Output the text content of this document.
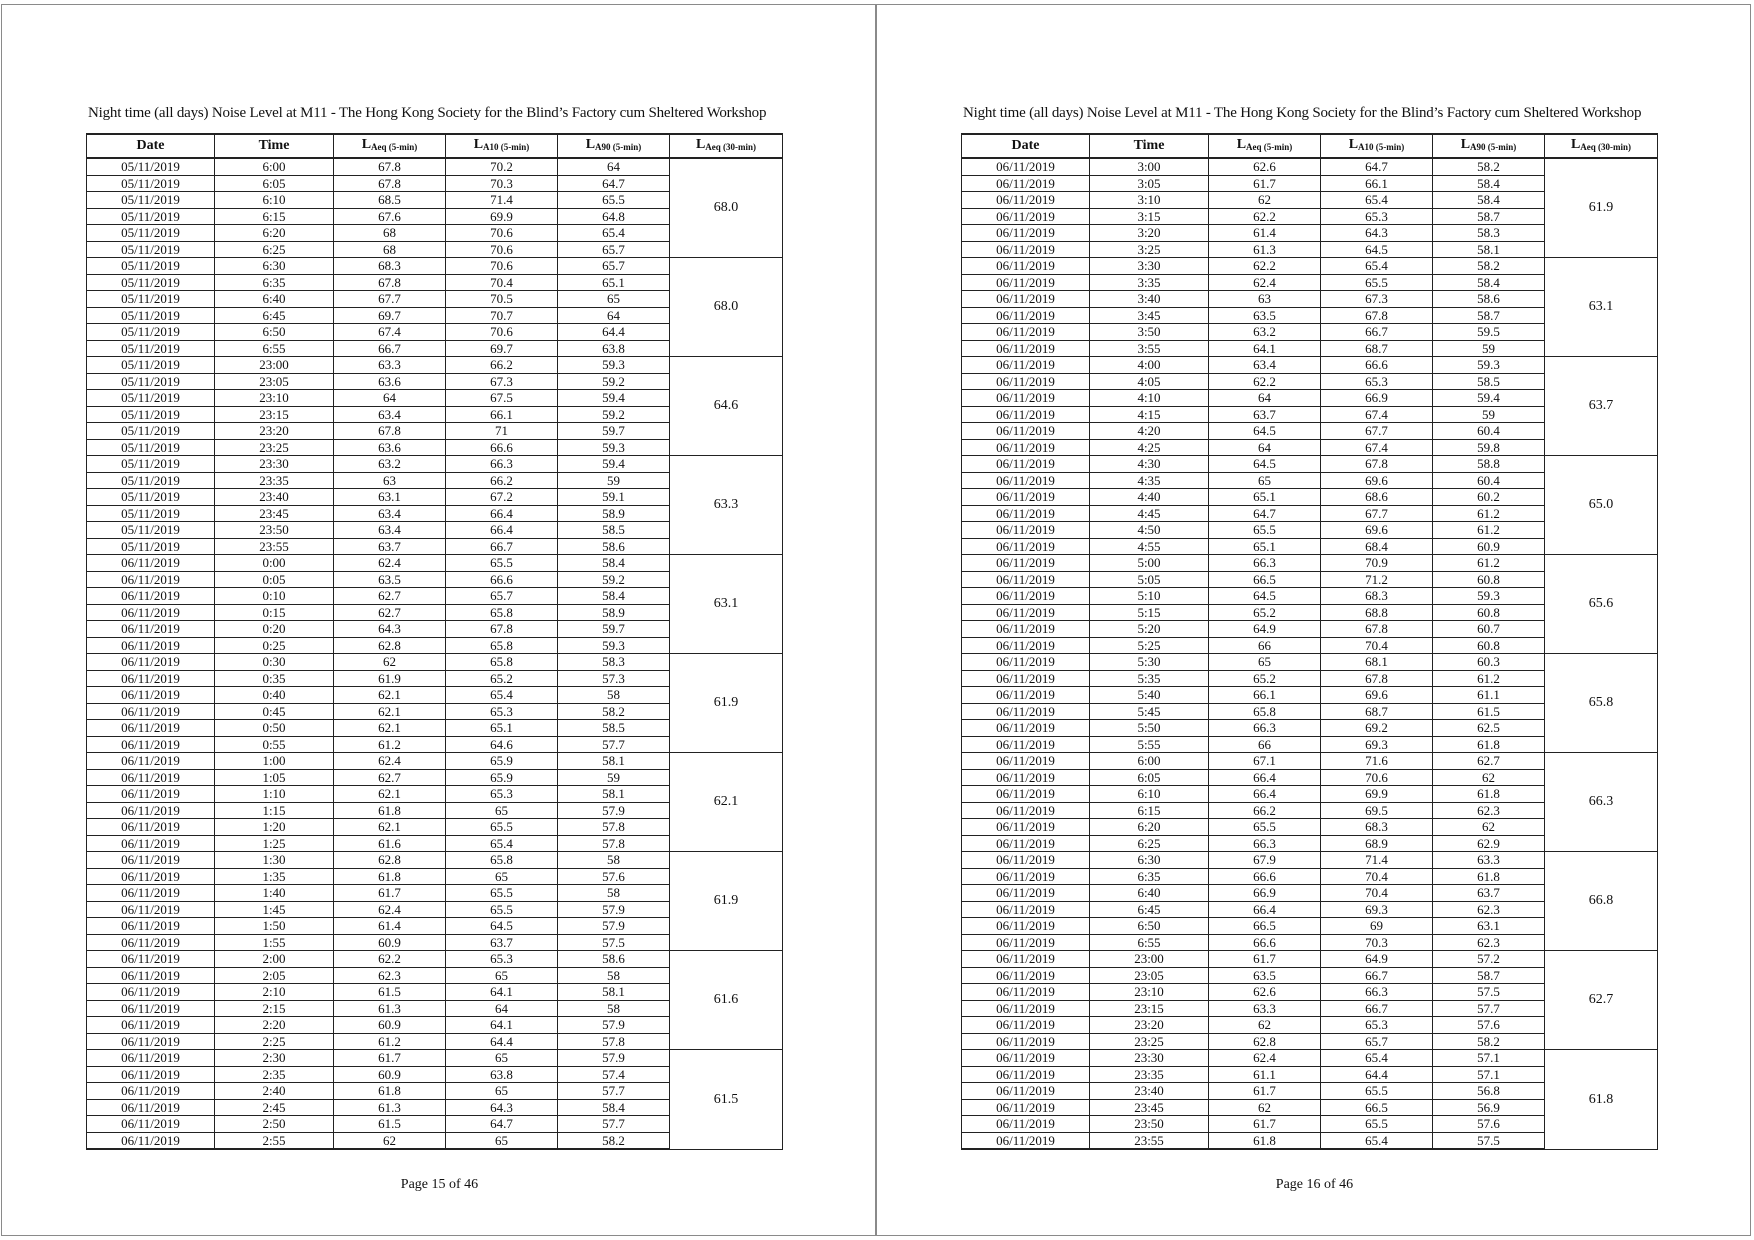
Night time (all days) Noise Level at M11 - The Hong Kong Society for the Blind’s Factory cum Sheltered Workshop
Date	Time	$L_{Aeq (5-min)}$	$L_{A10 (5-min)}$	$L_{A90 (5-min)}$	$L_{Aeq (30-min)}$
05/11/2019	6:00	67.8	70.2	64	68.0
05/11/2019	6:05	67.8	70.3	64.7	
05/11/2019	6:10	68.5	71.4	65.5	
05/11/2019	6:15	67.6	69.9	64.8	
05/11/2019	6:20	68	70.6	65.4	
05/11/2019	6:25	68	70.6	65.7	
05/11/2019	6:30	68.3	70.6	65.7	68.0
05/11/2019	6:35	67.8	70.4	65.1	
05/11/2019	6:40	67.7	70.5	65	
05/11/2019	6:45	69.7	70.7	64	
05/11/2019	6:50	67.4	70.6	64.4	
05/11/2019	6:55	66.7	69.7	63.8	
05/11/2019	23:00	63.3	66.2	59.3	64.6
05/11/2019	23:05	63.6	67.3	59.2	
05/11/2019	23:10	64	67.5	59.4	
05/11/2019	23:15	63.4	66.1	59.2	
05/11/2019	23:20	67.8	71	59.7	
05/11/2019	23:25	63.6	66.6	59.3	
05/11/2019	23:30	63.2	66.3	59.4	63.3
05/11/2019	23:35	63	66.2	59	
05/11/2019	23:40	63.1	67.2	59.1	
05/11/2019	23:45	63.4	66.4	58.9	
05/11/2019	23:50	63.4	66.4	58.5	
05/11/2019	23:55	63.7	66.7	58.6	
06/11/2019	0:00	62.4	65.5	58.4	63.1
06/11/2019	0:05	63.5	66.6	59.2	
06/11/2019	0:10	62.7	65.7	58.4	
06/11/2019	0:15	62.7	65.8	58.9	
06/11/2019	0:20	64.3	67.8	59.7	
06/11/2019	0:25	62.8	65.8	59.3	
06/11/2019	0:30	62	65.8	58.3	61.9
06/11/2019	0:35	61.9	65.2	57.3	
06/11/2019	0:40	62.1	65.4	58	
06/11/2019	0:45	62.1	65.3	58.2	
06/11/2019	0:50	62.1	65.1	58.5	
06/11/2019	0:55	61.2	64.6	57.7	
06/11/2019	1:00	62.4	65.9	58.1	62.1
06/11/2019	1:05	62.7	65.9	59	
06/11/2019	1:10	62.1	65.3	58.1	
06/11/2019	1:15	61.8	65	57.9	
06/11/2019	1:20	62.1	65.5	57.8	
06/11/2019	1:25	61.6	65.4	57.8	
06/11/2019	1:30	62.8	65.8	58	61.9
06/11/2019	1:35	61.8	65	57.6	
06/11/2019	1:40	61.7	65.5	58	
06/11/2019	1:45	62.4	65.5	57.9	
06/11/2019	1:50	61.4	64.5	57.9	
06/11/2019	1:55	60.9	63.7	57.5	
06/11/2019	2:00	62.2	65.3	58.6	61.6
06/11/2019	2:05	62.3	65	58	
06/11/2019	2:10	61.5	64.1	58.1	
06/11/2019	2:15	61.3	64	58	
06/11/2019	2:20	60.9	64.1	57.9	
06/11/2019	2:25	61.2	64.4	57.8	
06/11/2019	2:30	61.7	65	57.9	61.5
06/11/2019	2:35	60.9	63.8	57.4	
06/11/2019	2:40	61.8	65	57.7	
06/11/2019	2:45	61.3	64.3	58.4	
06/11/2019	2:50	61.5	64.7	57.7	
06/11/2019	2:55	62	65	58.2	
Page 15 of 46
Night time (all days) Noise Level at M11 - The Hong Kong Society for the Blind’s Factory cum Sheltered Workshop
Date	Time	$L_{Aeq (5-min)}$	$L_{A10 (5-min)}$	$L_{A90 (5-min)}$	$L_{Aeq (30-min)}$
06/11/2019	3:00	62.6	64.7	58.2	61.9
06/11/2019	3:05	61.7	66.1	58.4	
06/11/2019	3:10	62	65.4	58.4	
06/11/2019	3:15	62.2	65.3	58.7	
06/11/2019	3:20	61.4	64.3	58.3	
06/11/2019	3:25	61.3	64.5	58.1	
06/11/2019	3:30	62.2	65.4	58.2	63.1
06/11/2019	3:35	62.4	65.5	58.4	
06/11/2019	3:40	63	67.3	58.6	
06/11/2019	3:45	63.5	67.8	58.7	
06/11/2019	3:50	63.2	66.7	59.5	
06/11/2019	3:55	64.1	68.7	59	
06/11/2019	4:00	63.4	66.6	59.3	63.7
06/11/2019	4:05	62.2	65.3	58.5	
06/11/2019	4:10	64	66.9	59.4	
06/11/2019	4:15	63.7	67.4	59	
06/11/2019	4:20	64.5	67.7	60.4	
06/11/2019	4:25	64	67.4	59.8	
06/11/2019	4:30	64.5	67.8	58.8	65.0
06/11/2019	4:35	65	69.6	60.4	
06/11/2019	4:40	65.1	68.6	60.2	
06/11/2019	4:45	64.7	67.7	61.2	
06/11/2019	4:50	65.5	69.6	61.2	
06/11/2019	4:55	65.1	68.4	60.9	
06/11/2019	5:00	66.3	70.9	61.2	65.6
06/11/2019	5:05	66.5	71.2	60.8	
06/11/2019	5:10	64.5	68.3	59.3	
06/11/2019	5:15	65.2	68.8	60.8	
06/11/2019	5:20	64.9	67.8	60.7	
06/11/2019	5:25	66	70.4	60.8	
06/11/2019	5:30	65	68.1	60.3	65.8
06/11/2019	5:35	65.2	67.8	61.2	
06/11/2019	5:40	66.1	69.6	61.1	
06/11/2019	5:45	65.8	68.7	61.5	
06/11/2019	5:50	66.3	69.2	62.5	
06/11/2019	5:55	66	69.3	61.8	
06/11/2019	6:00	67.1	71.6	62.7	66.3
06/11/2019	6:05	66.4	70.6	62	
06/11/2019	6:10	66.4	69.9	61.8	
06/11/2019	6:15	66.2	69.5	62.3	
06/11/2019	6:20	65.5	68.3	62	
06/11/2019	6:25	66.3	68.9	62.9	
06/11/2019	6:30	67.9	71.4	63.3	66.8
06/11/2019	6:35	66.6	70.4	61.8	
06/11/2019	6:40	66.9	70.4	63.7	
06/11/2019	6:45	66.4	69.3	62.3	
06/11/2019	6:50	66.5	69	63.1	
06/11/2019	6:55	66.6	70.3	62.3	
06/11/2019	23:00	61.7	64.9	57.2	62.7
06/11/2019	23:05	63.5	66.7	58.7	
06/11/2019	23:10	62.6	66.3	57.5	
06/11/2019	23:15	63.3	66.7	57.7	
06/11/2019	23:20	62	65.3	57.6	
06/11/2019	23:25	62.8	65.7	58.2	
06/11/2019	23:30	62.4	65.4	57.1	61.8
06/11/2019	23:35	61.1	64.4	57.1	
06/11/2019	23:40	61.7	65.5	56.8	
06/11/2019	23:45	62	66.5	56.9	
06/11/2019	23:50	61.7	65.5	57.6	
06/11/2019	23:55	61.8	65.4	57.5	
Page 16 of 46
